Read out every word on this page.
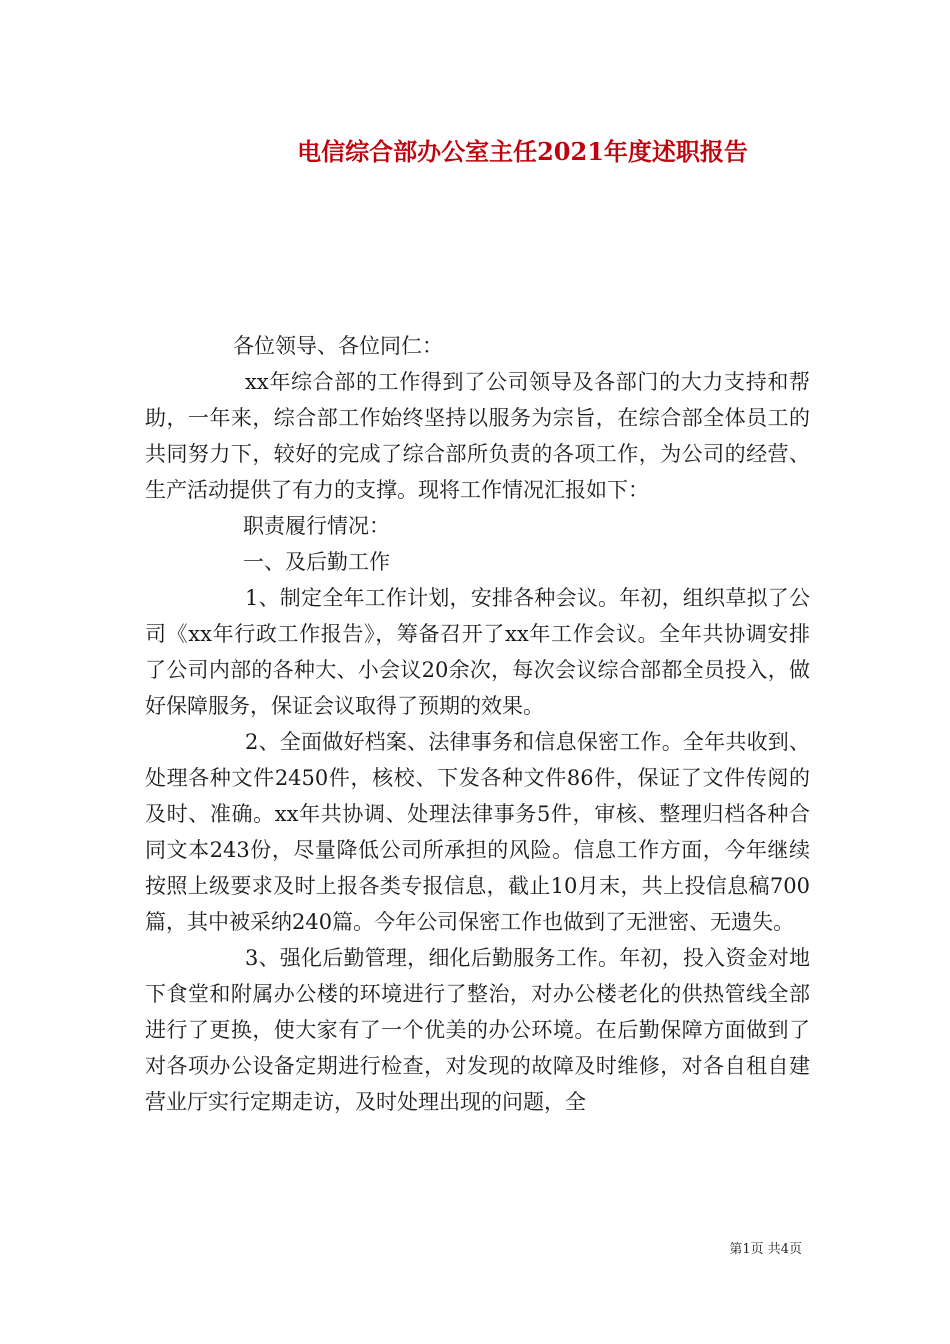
电信综合部办公室主任2021年度述职报告

各位领导、各位同仁：

xx年综合部的工作得到了公司领导及各部门的大力支持和帮助，一年来，综合部工作始终坚持以服务为宗旨，在综合部全体员工的共同努力下，较好的完成了综合部所负责的各项工作，为公司的经营、生产活动提供了有力的支撑。现将工作情况汇报如下：

职责履行情况：

一、及后勤工作

1、制定全年工作计划，安排各种会议。年初，组织草拟了公司《xx年行政工作报告》，筹备召开了xx年工作会议。全年共协调安排了公司内部的各种大、小会议20余次，每次会议综合部都全员投入，做好保障服务，保证会议取得了预期的效果。

2、全面做好档案、法律事务和信息保密工作。全年共收到、处理各种文件2450件，核校、下发各种文件86件，保证了文件传阅的及时、准确。xx年共协调、处理法律事务5件，审核、整理归档各种合同文本243份，尽量降低公司所承担的风险。信息工作方面，今年继续按照上级要求及时上报各类专报信息，截止10月末，共上投信息稿700篇，其中被采纳240篇。今年公司保密工作也做到了无泄密、无遗失。

3、强化后勤管理，细化后勤服务工作。年初，投入资金对地下食堂和附属办公楼的环境进行了整治，对办公楼老化的供热管线全部进行了更换，使大家有了一个优美的办公环境。在后勤保障方面做到了对各项办公设备定期进行检查，对发现的故障及时维修，对各自租自建营业厅实行定期走访，及时处理出现的问题，全

第1页 共4页
